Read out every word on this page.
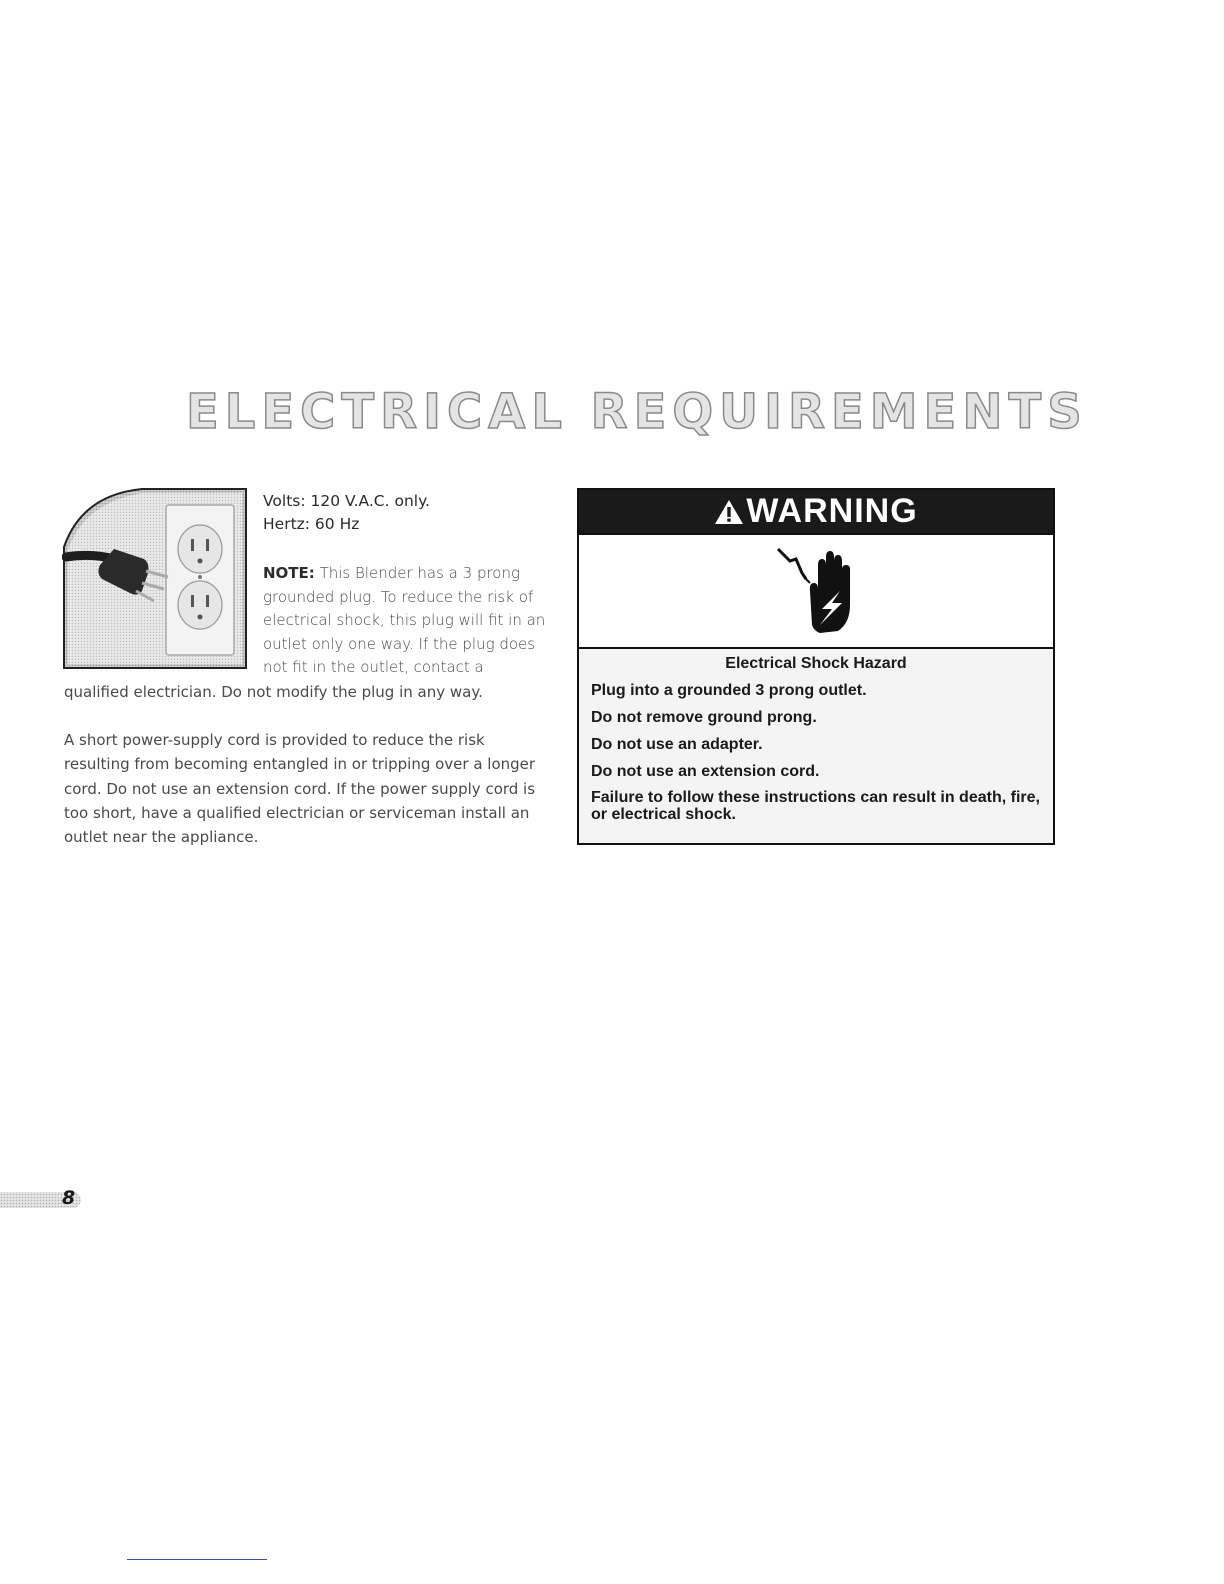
ELECTRICAL REQUIREMENTS
Volts: 120 V.A.C. only.
Hertz: 60 Hz
NOTE: This Blender has a 3 prong grounded plug. To reduce the risk of electrical shock, this plug will fit in an outlet only one way. If the plug does not fit in the outlet, contact a
qualified electrician. Do not modify the plug in any way.
A short power-supply cord is provided to reduce the risk resulting from becoming entangled in or tripping over a longer cord. Do not use an extension cord. If the power supply cord is too short, have a qualified electrician or serviceman install an outlet near the appliance.
WARNING
Electrical Shock Hazard
Plug into a grounded 3 prong outlet.
Do not remove ground prong.
Do not use an adapter.
Do not use an extension cord.
Failure to follow these instructions can result in death, fire, or electrical shock.
8
